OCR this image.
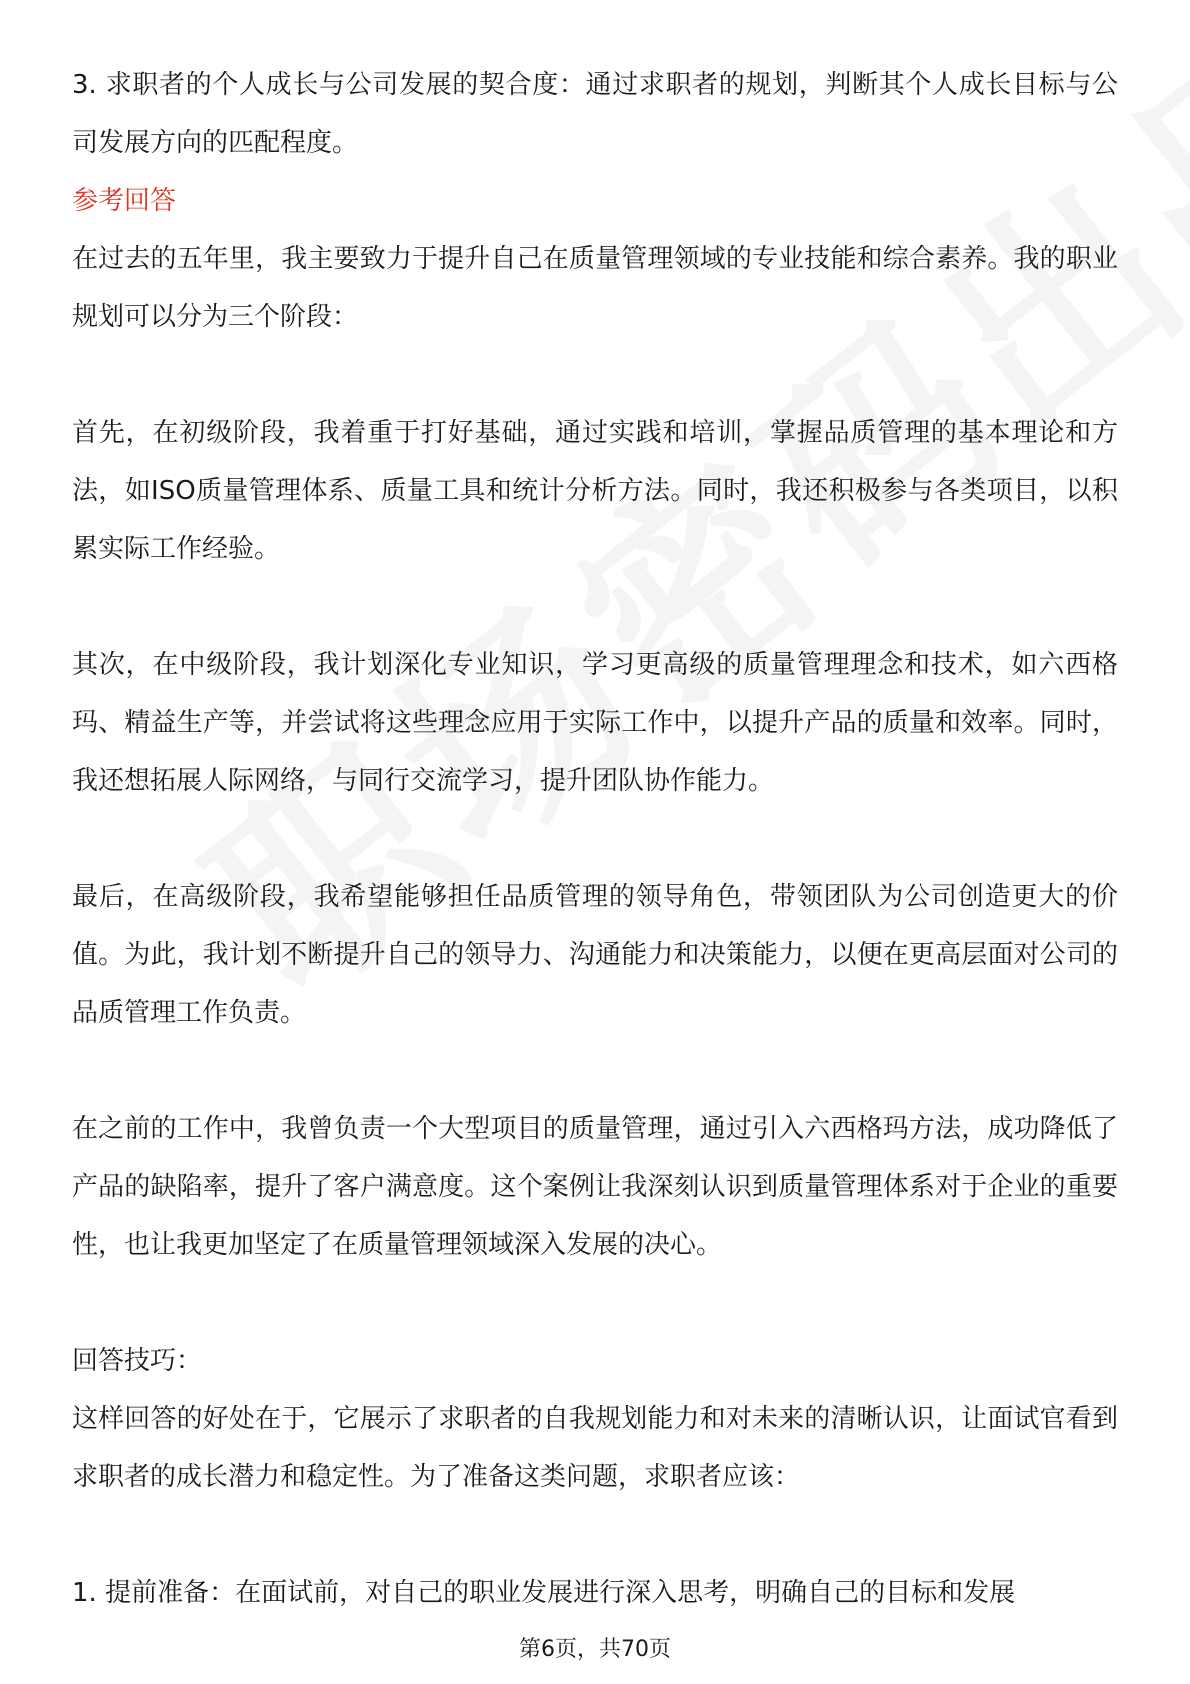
3. 求职者的个人成长与公司发展的契合度：通过求职者的规划，判断其个人成长目标与公司发展方向的匹配程度。

参考回答

在过去的五年里，我主要致力于提升自己在质量管理领域的专业技能和综合素养。我的职业规划可以分为三个阶段：

首先，在初级阶段，我着重于打好基础，通过实践和培训，掌握品质管理的基本理论和方法，如ISO质量管理体系、质量工具和统计分析方法。同时，我还积极参与各类项目，以积累实际工作经验。

其次，在中级阶段，我计划深化专业知识，学习更高级的质量管理理念和技术，如六西格玛、精益生产等，并尝试将这些理念应用于实际工作中，以提升产品的质量和效率。同时，我还想拓展人际网络，与同行交流学习，提升团队协作能力。

最后，在高级阶段，我希望能够担任品质管理的领导角色，带领团队为公司创造更大的价值。为此，我计划不断提升自己的领导力、沟通能力和决策能力，以便在更高层面对公司的品质管理工作负责。

在之前的工作中，我曾负责一个大型项目的质量管理，通过引入六西格玛方法，成功降低了产品的缺陷率，提升了客户满意度。这个案例让我深刻认识到质量管理体系对于企业的重要性，也让我更加坚定了在质量管理领域深入发展的决心。

回答技巧：

这样回答的好处在于，它展示了求职者的自我规划能力和对未来的清晰认识，让面试官看到求职者的成长潜力和稳定性。为了准备这类问题，求职者应该：

1. 提前准备：在面试前，对自己的职业发展进行深入思考，明确自己的目标和发展

第6页，共70页
